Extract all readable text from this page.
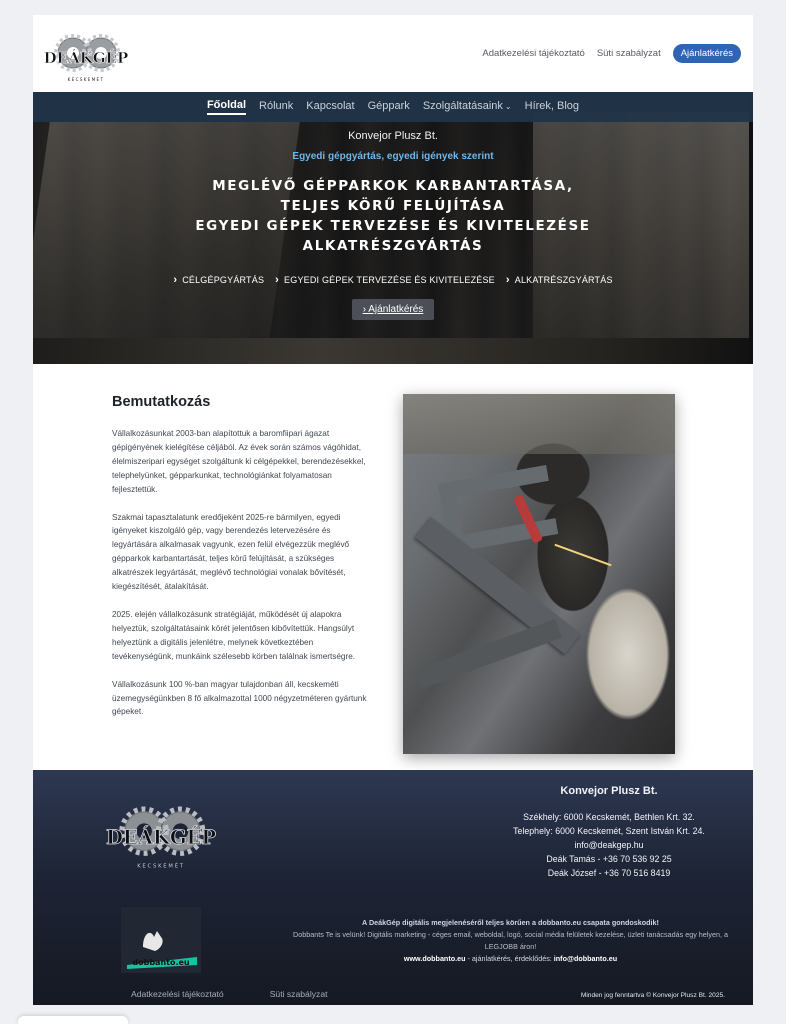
DEÁKGÉP
KECSKEMÉT
Adatkezelési tájékoztató Süti szabályzat	Ajánlatkérés
Főoldal Rólunk Kapcsolat Géppark Szolgáltatásaink ⌄ Hírek, Blog
Konvejor Plusz Bt.
Egyedi gépgyártás, egyedi igények szerint
MEGLÉVŐ GÉPPARKOK KARBANTARTÁSA,
TELJES KÖRŰ FELÚJÍTÁSA
EGYEDI GÉPEK TERVEZÉSE ÉS KIVITELEZÉSE
ALKATRÉSZGYÁRTÁS
› CÉLGÉPGYÁRTÁS	› EGYEDI GÉPEK TERVEZÉSE ÉS KIVITELEZÉSE	› ALKATRÉSZGYÁRTÁS
› Ajánlatkérés
Bemutatkozás

Vállalkozásunkat 2003-ban alapítottuk a baromfiipari ágazat gépigényének kielégítése céljából. Az évek során számos vágóhidat, élelmiszeripari egységet szolgáltunk ki célgépekkel, berendezésekkel, telephelyünket, gépparkunkat, technológiánkat folyamatosan fejlesztettük.

Szakmai tapasztalatunk eredőjeként 2025-re bármilyen, egyedi igényeket kiszolgáló gép, vagy berendezés letervezésére és legyártására alkalmasak vagyunk, ezen felül elvégezzük meglévő gépparkok karbantartását, teljes körű felújítását, a szükséges alkatrészek legyártását, meglévő technológiai vonalak bővítését, kiegészítését, átalakítását.

2025. elején vállalkozásunk stratégiáját, működését új alapokra helyeztük, szolgáltatásaink körét jelentősen kibővítettük. Hangsúlyt helyeztünk a digitális jelenlétre, melynek következtében tevékenységünk, munkáink szélesebb körben találnak ismertségre.

Vállalkozásunk 100 %-ban magyar tulajdonban áll, kecskeméti üzemegységünkben 8 fő alkalmazottal 1000 négyzetméteren gyártunk gépeket.

DEÁKGÉP
KECSKEMÉT
Konvejor Plusz Bt.
Székhely: 6000 Kecskemét, Bethlen Krt. 32.
Telephely: 6000 Kecskemét, Szent István Krt. 24.
info@deakgep.hu
Deák Tamás - +36 70 536 92 25
Deák József - +36 70 516 8419
dobbanto.eu
A DeákGép digitális megjelenéséről teljes körűen a dobbanto.eu csapata gondoskodik!
Dobbants Te is velünk! Digitális marketing - céges email, weboldal, logó, social média felületek kezelése, üzleti tanácsadás egy helyen, a LEGJOBB áron!
www.dobbanto.eu - ajánlatkérés, érdeklődés: info@dobbanto.eu
Adatkezelési tájékoztató	Süti szabályzat	Minden jog fenntartva © Konvejor Plusz Bt. 2025.
